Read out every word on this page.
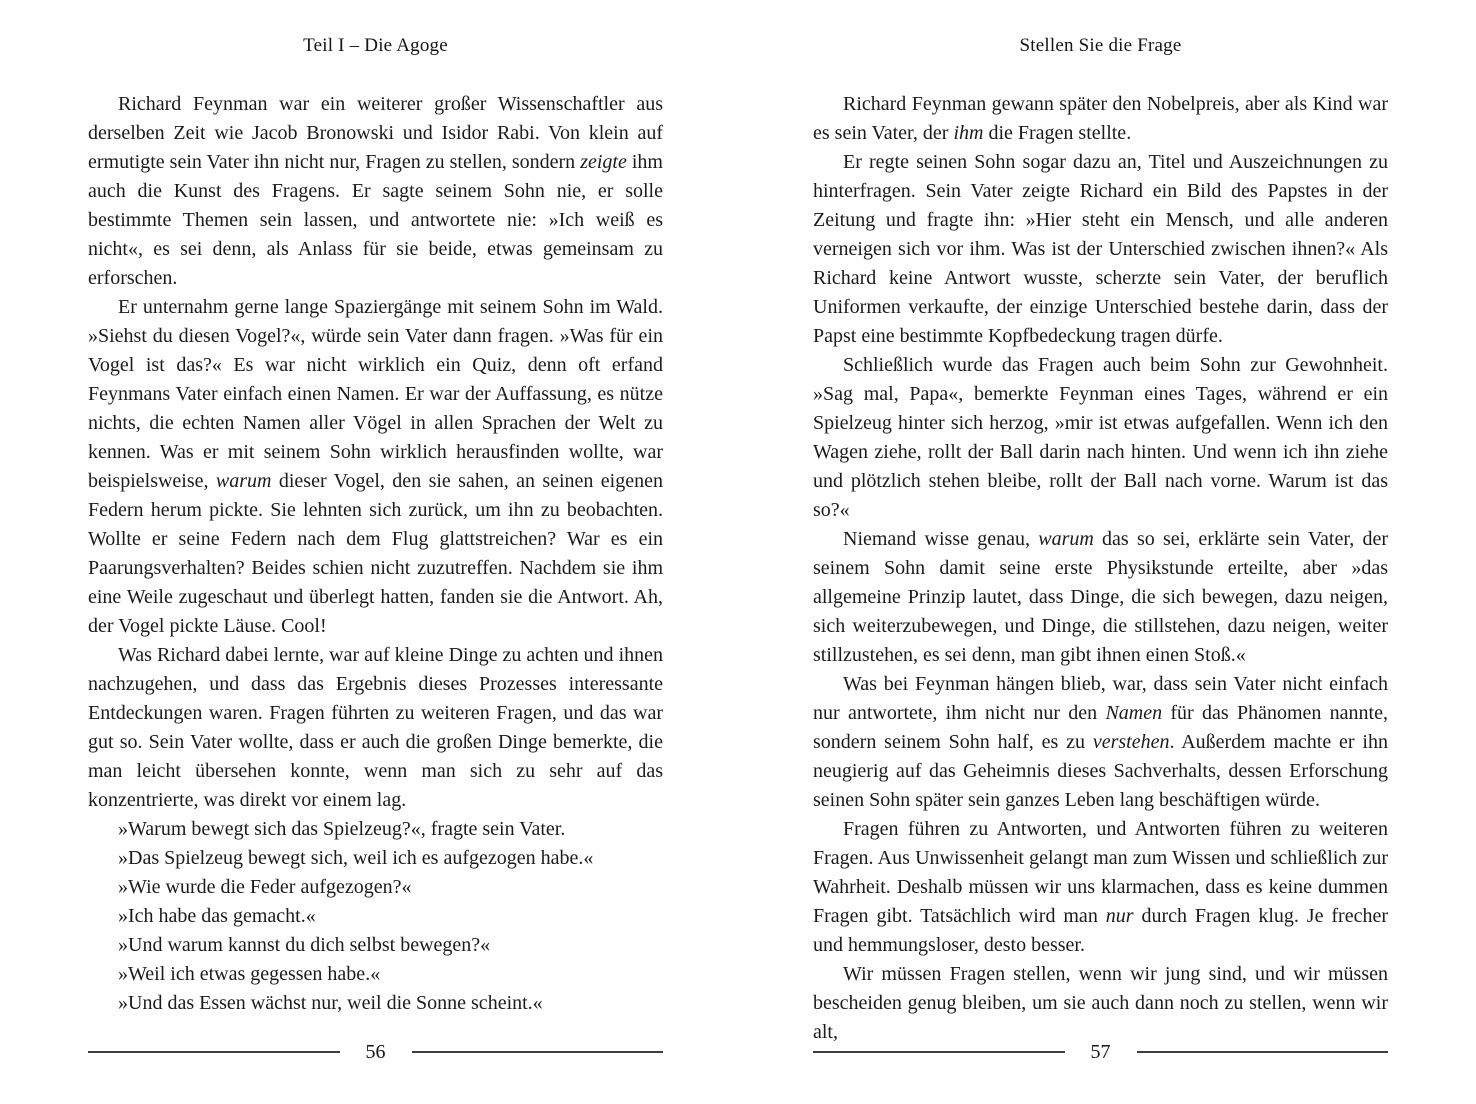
Teil I – Die Agoge

Richard Feynman war ein weiterer großer Wissenschaftler aus derselben Zeit wie Jacob Bronowski und Isidor Rabi. Von klein auf ermutigte sein Vater ihn nicht nur, Fragen zu stellen, sondern zeigte ihm auch die Kunst des Fragens. Er sagte seinem Sohn nie, er solle bestimmte Themen sein lassen, und antwortete nie: »Ich weiß es nicht«, es sei denn, als Anlass für sie beide, etwas gemeinsam zu erforschen.

Er unternahm gerne lange Spaziergänge mit seinem Sohn im Wald. »Siehst du diesen Vogel?«, würde sein Vater dann fragen. »Was für ein Vogel ist das?« Es war nicht wirklich ein Quiz, denn oft erfand Feynmans Vater einfach einen Namen. Er war der Auffassung, es nütze nichts, die echten Namen aller Vögel in allen Sprachen der Welt zu kennen. Was er mit seinem Sohn wirklich herausfinden wollte, war beispielsweise, warum dieser Vogel, den sie sahen, an seinen eigenen Federn herum pickte. Sie lehnten sich zurück, um ihn zu beobachten. Wollte er seine Federn nach dem Flug glattstreichen? War es ein Paarungsverhalten? Beides schien nicht zuzutreffen. Nachdem sie ihm eine Weile zugeschaut und überlegt hatten, fanden sie die Antwort. Ah, der Vogel pickte Läuse. Cool!

Was Richard dabei lernte, war auf kleine Dinge zu achten und ihnen nachzugehen, und dass das Ergebnis dieses Prozesses interessante Entdeckungen waren. Fragen führten zu weiteren Fragen, und das war gut so. Sein Vater wollte, dass er auch die großen Dinge bemerkte, die man leicht übersehen konnte, wenn man sich zu sehr auf das konzentrierte, was direkt vor einem lag.

»Warum bewegt sich das Spielzeug?«, fragte sein Vater.

»Das Spielzeug bewegt sich, weil ich es aufgezogen habe.«

»Wie wurde die Feder aufgezogen?«

»Ich habe das gemacht.«

»Und warum kannst du dich selbst bewegen?«

»Weil ich etwas gegessen habe.«

»Und das Essen wächst nur, weil die Sonne scheint.«

56
Stellen Sie die Frage

Richard Feynman gewann später den Nobelpreis, aber als Kind war es sein Vater, der ihm die Fragen stellte.

Er regte seinen Sohn sogar dazu an, Titel und Auszeichnungen zu hinterfragen. Sein Vater zeigte Richard ein Bild des Papstes in der Zeitung und fragte ihn: »Hier steht ein Mensch, und alle anderen verneigen sich vor ihm. Was ist der Unterschied zwischen ihnen?« Als Richard keine Antwort wusste, scherzte sein Vater, der beruflich Uniformen verkaufte, der einzige Unterschied bestehe darin, dass der Papst eine bestimmte Kopfbedeckung tragen dürfe.

Schließlich wurde das Fragen auch beim Sohn zur Gewohnheit. »Sag mal, Papa«, bemerkte Feynman eines Tages, während er ein Spielzeug hinter sich herzog, »mir ist etwas aufgefallen. Wenn ich den Wagen ziehe, rollt der Ball darin nach hinten. Und wenn ich ihn ziehe und plötzlich stehen bleibe, rollt der Ball nach vorne. Warum ist das so?«

Niemand wisse genau, warum das so sei, erklärte sein Vater, der seinem Sohn damit seine erste Physikstunde erteilte, aber »das allgemeine Prinzip lautet, dass Dinge, die sich bewegen, dazu neigen, sich weiterzubewegen, und Dinge, die stillstehen, dazu neigen, weiter stillzustehen, es sei denn, man gibt ihnen einen Stoß.«

Was bei Feynman hängen blieb, war, dass sein Vater nicht einfach nur antwortete, ihm nicht nur den Namen für das Phänomen nannte, sondern seinem Sohn half, es zu verstehen. Außerdem machte er ihn neugierig auf das Geheimnis dieses Sachverhalts, dessen Erforschung seinen Sohn später sein ganzes Leben lang beschäftigen würde.

Fragen führen zu Antworten, und Antworten führen zu weiteren Fragen. Aus Unwissenheit gelangt man zum Wissen und schließlich zur Wahrheit. Deshalb müssen wir uns klarmachen, dass es keine dummen Fragen gibt. Tatsächlich wird man nur durch Fragen klug. Je frecher und hemmungsloser, desto besser.

Wir müssen Fragen stellen, wenn wir jung sind, und wir müssen bescheiden genug bleiben, um sie auch dann noch zu stellen, wenn wir alt,

57
